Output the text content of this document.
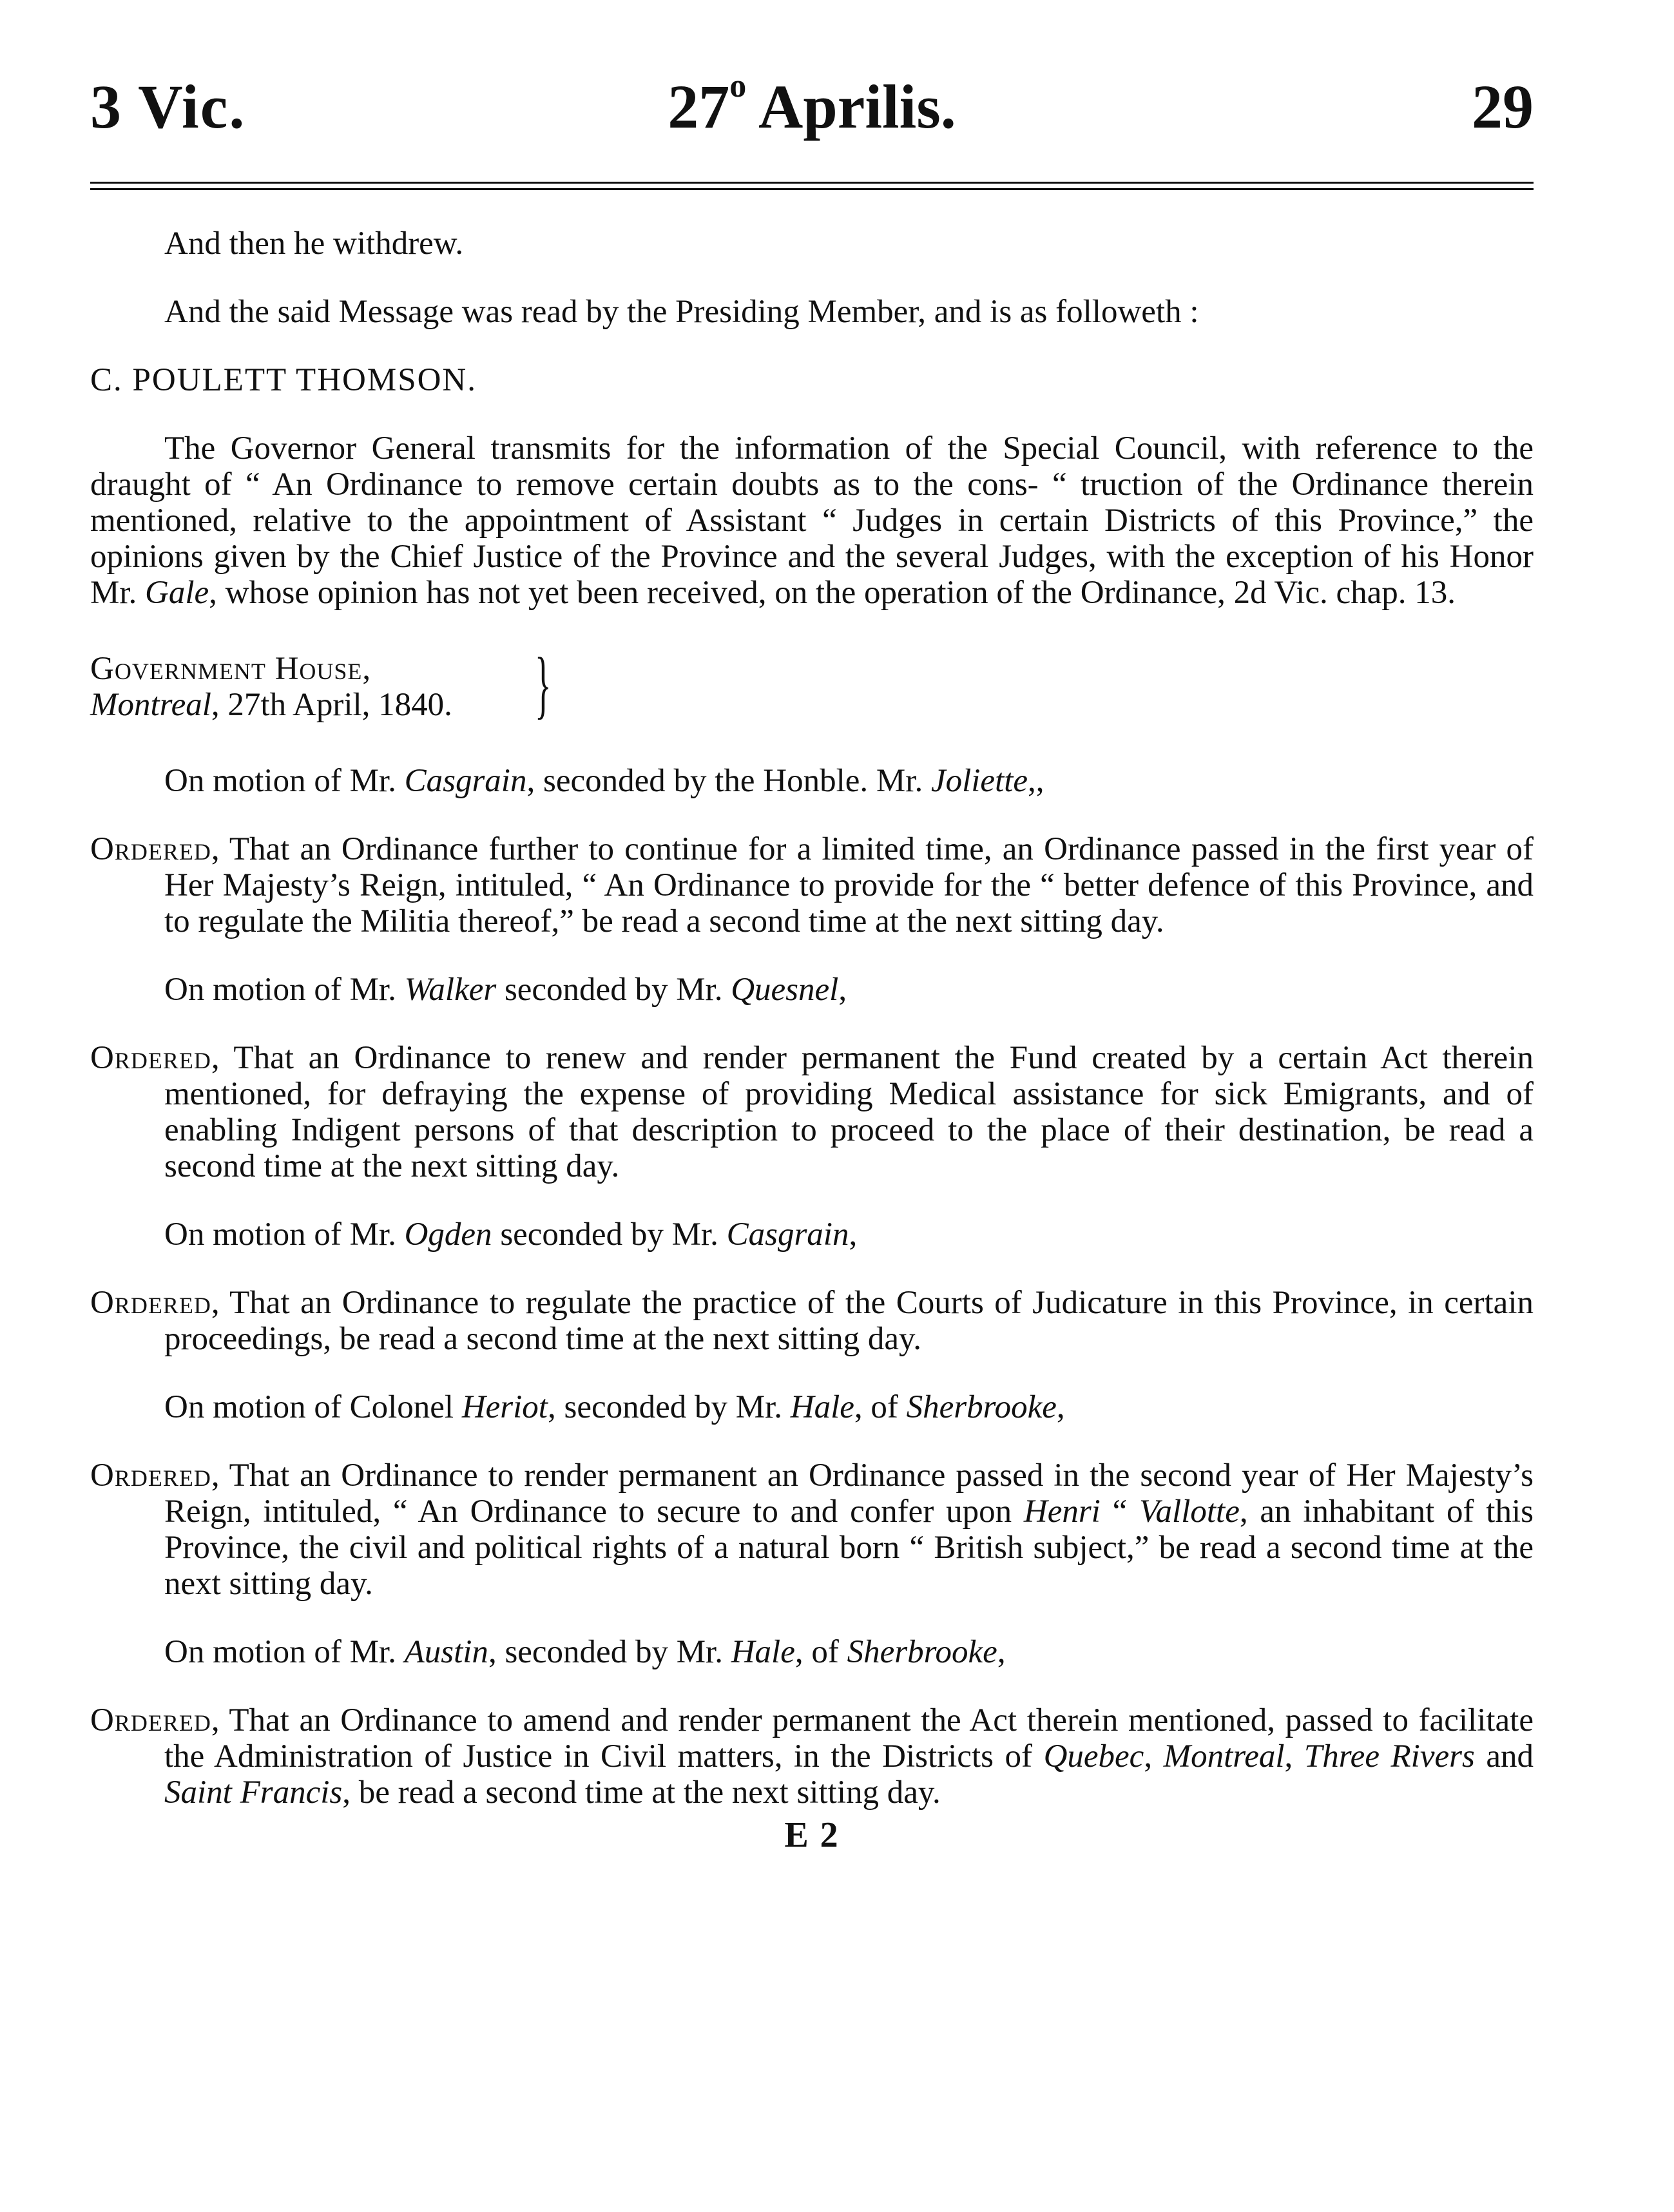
3 Vic.	27$^o$ Aprilis.	29

And then he withdrew.

And the said Message was read by the Presiding Member, and is as followeth :

C. POULETT THOMSON.

The Governor General transmits for the information of the Special Council, with reference to the draught of “ An Ordinance to remove certain doubts as to the cons- “ truction of the Ordinance therein mentioned, relative to the appointment of Assistant “ Judges in certain Districts of this Province,” the opinions given by the Chief Justice of the Province and the several Judges, with the exception of his Honor Mr. Gale, whose opinion has not yet been received, on the operation of the Ordinance, 2d Vic. chap. 13.

Government House,
Montreal, 27th April, 1840.	}

On motion of Mr. Casgrain, seconded by the Honble. Mr. Joliette,,

Ordered, That an Ordinance further to continue for a limited time, an Ordinance passed in the first year of Her Majesty’s Reign, intituled, “ An Ordinance to provide for the “ better defence of this Province, and to regulate the Militia thereof,” be read a second time at the next sitting day.

On motion of Mr. Walker seconded by Mr. Quesnel,

Ordered, That an Ordinance to renew and render permanent the Fund created by a certain Act therein mentioned, for defraying the expense of providing Medical assistance for sick Emigrants, and of enabling Indigent persons of that description to proceed to the place of their destination, be read a second time at the next sitting day.

On motion of Mr. Ogden seconded by Mr. Casgrain,

Ordered, That an Ordinance to regulate the practice of the Courts of Judicature in this Province, in certain proceedings, be read a second time at the next sitting day.

On motion of Colonel Heriot, seconded by Mr. Hale, of Sherbrooke,

Ordered, That an Ordinance to render permanent an Ordinance passed in the second year of Her Majesty’s Reign, intituled, “ An Ordinance to secure to and confer upon Henri “ Vallotte, an inhabitant of this Province, the civil and political rights of a natural born “ British subject,” be read a second time at the next sitting day.

On motion of Mr. Austin, seconded by Mr. Hale, of Sherbrooke,

Ordered, That an Ordinance to amend and render permanent the Act therein mentioned, passed to facilitate the Administration of Justice in Civil matters, in the Districts of Quebec, Montreal, Three Rivers and Saint Francis, be read a second time at the next sitting day.

E 2
